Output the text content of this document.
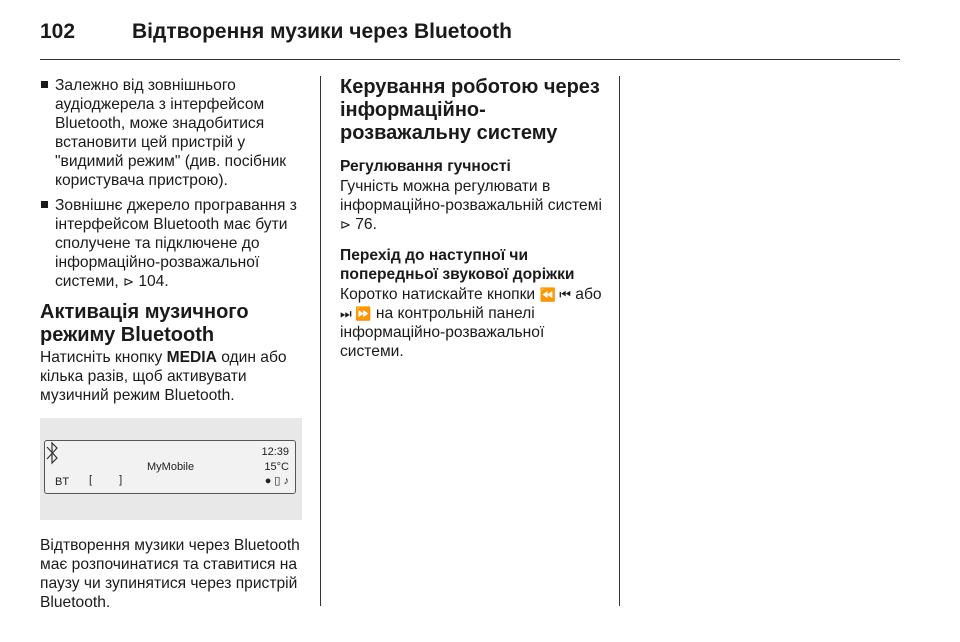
102	Відтворення музики через Bluetooth
Залежно від зовнішнього аудіоджерела з інтерфейсом Bluetooth, може знадобитися встановити цей пристрій у "видимий режим" (див. посібник користувача пристрою).
Зовнішнє джерело програвання з інтерфейсом Bluetooth має бути сполучене та підключене до інформаційно-розважальної системи, ⊳ 104.
Активація музичного режиму Bluetooth

Натисніть кнопку MEDIA один або кілька разів, щоб активувати музичний режим Bluetooth.

BT [ ]
MyMobile
12:39
15°C
● ▯ ♪

Відтворення музики через Bluetooth має розпочинатися та ставитися на паузу чи зупинятися через пристрій Bluetooth.

Керування роботою через інформаційно-розважальну систему
Регулювання гучності

Гучність можна регулювати в інформаційно-розважальній системі ⊳ 76.

Перехід до наступної чи попередньої звукової доріжки

Коротко натискайте кнопки ⏪ ⏮ або ⏭ ⏩ на контрольній панелі інформаційно-розважальної системи.
